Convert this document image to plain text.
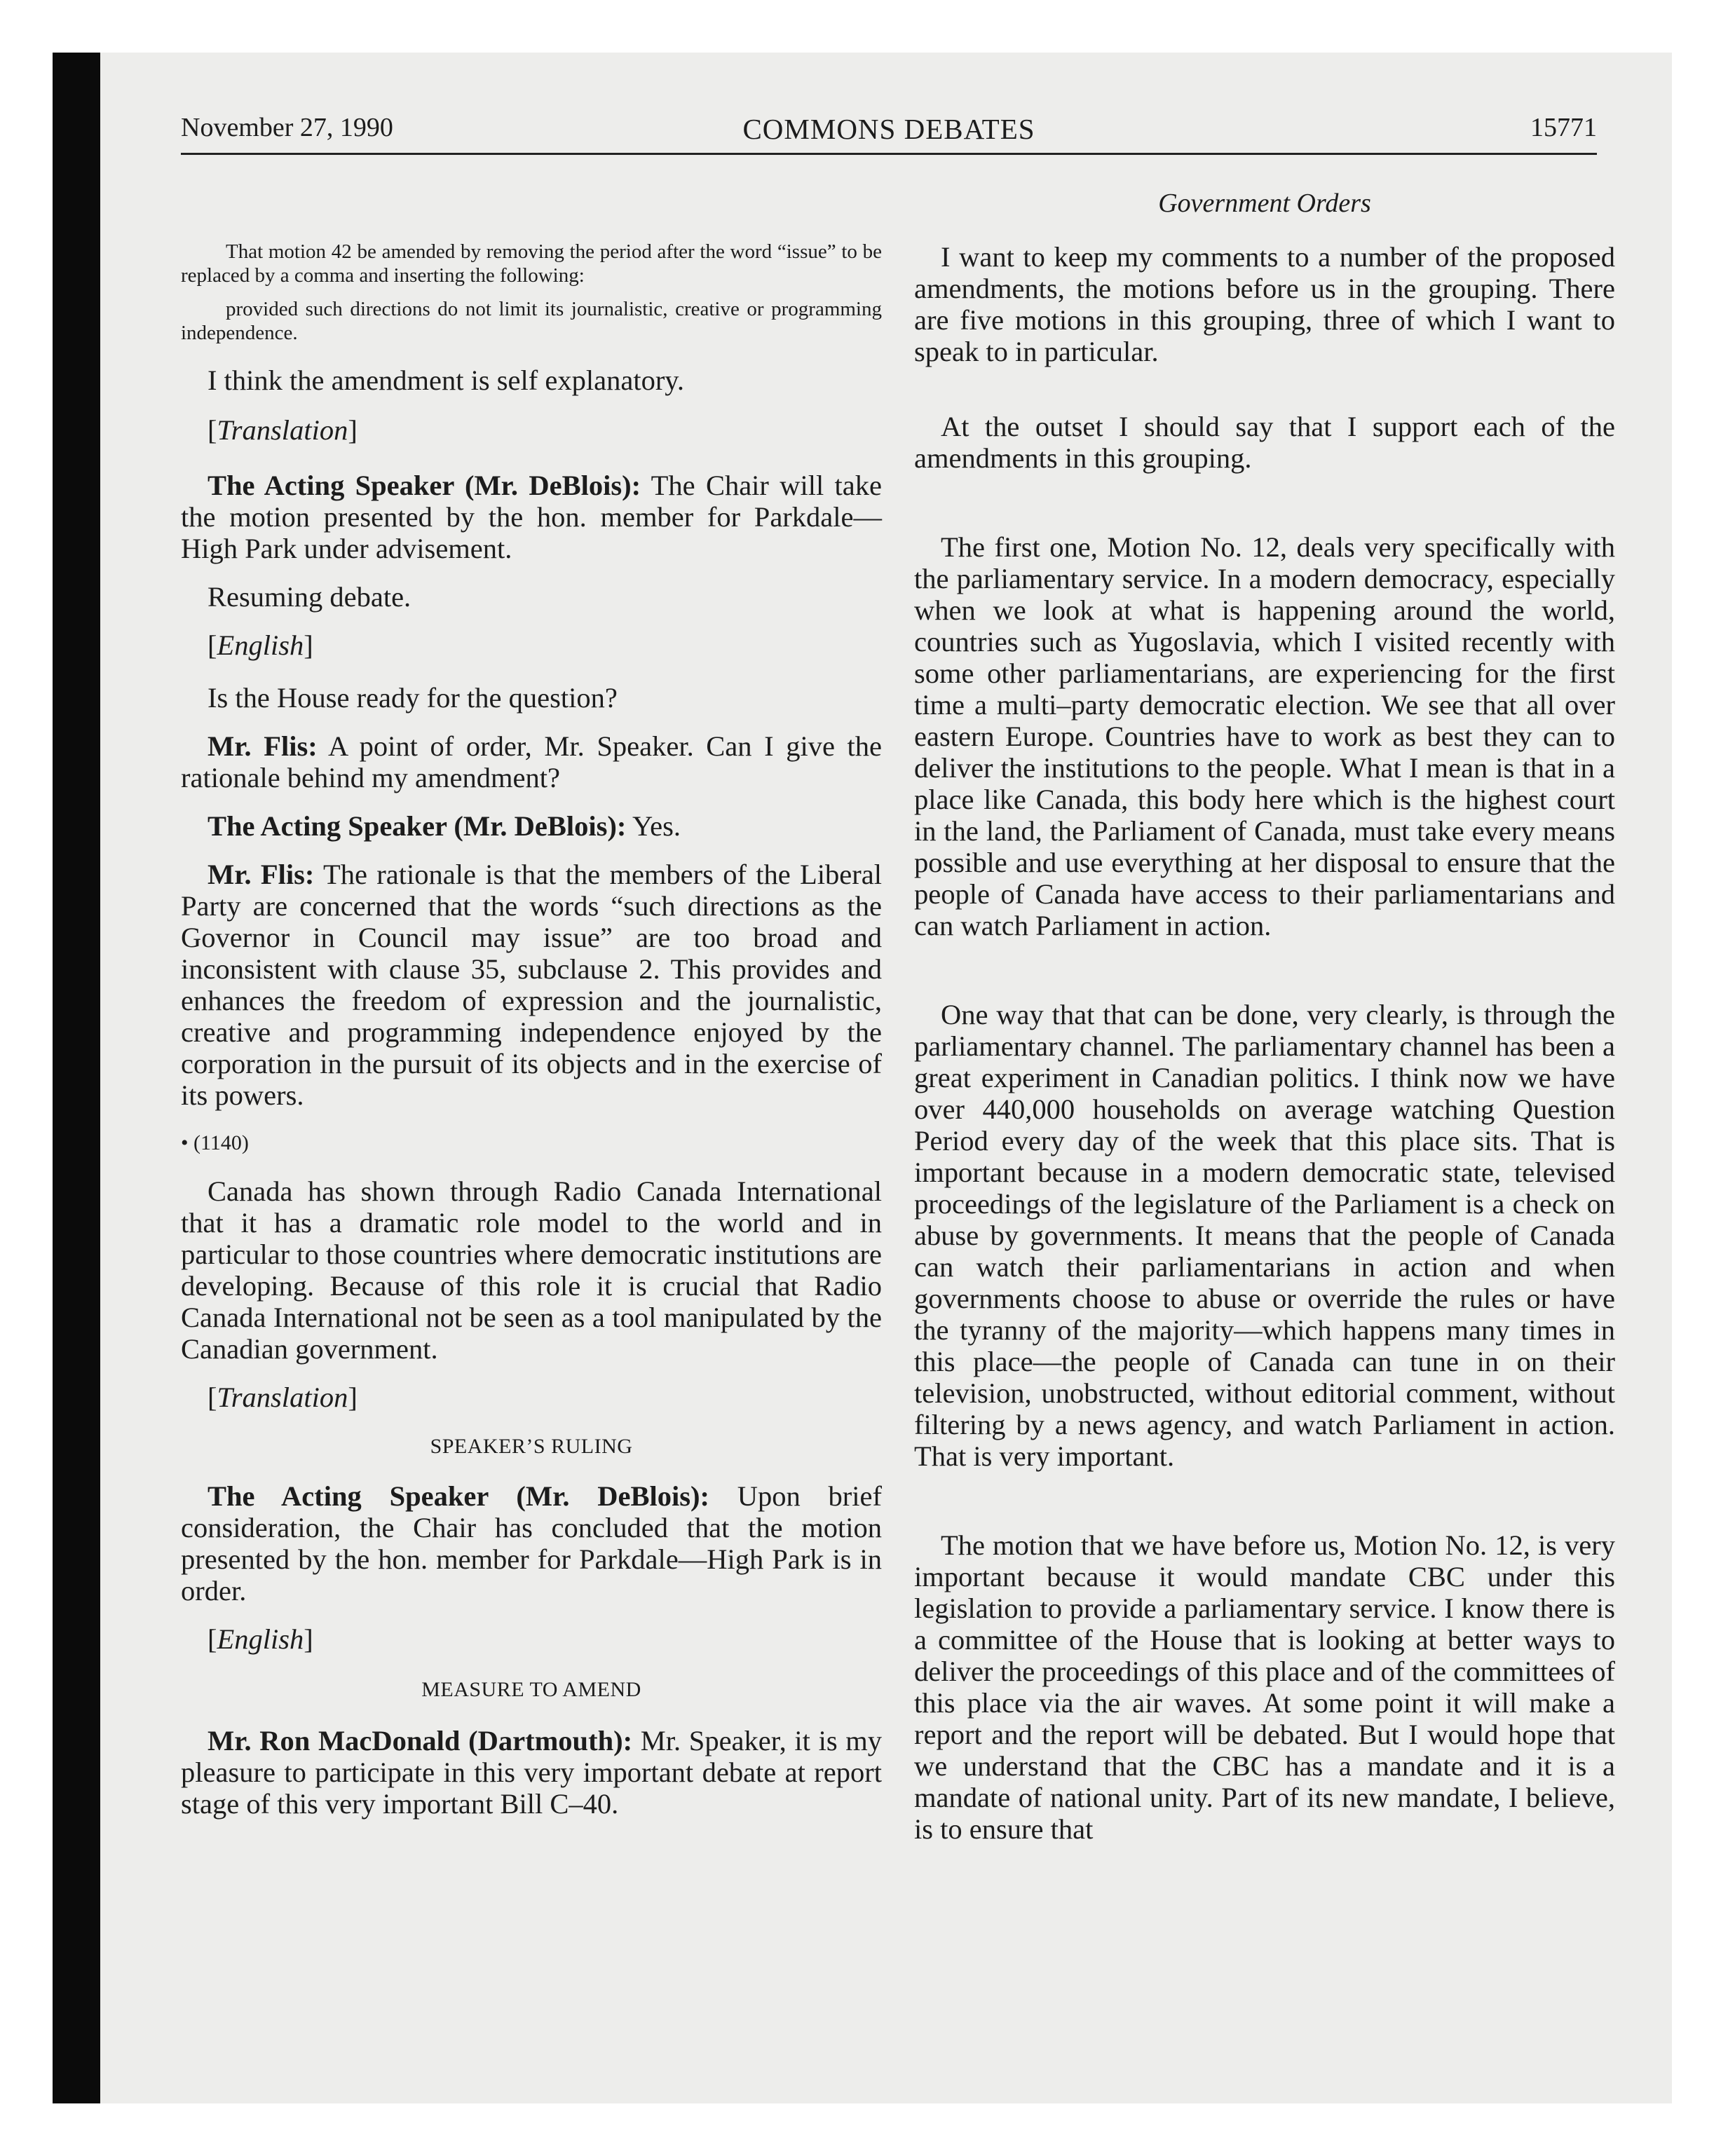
November 27, 1990	COMMONS DEBATES	15771

That motion 42 be amended by removing the period after the word “issue” to be replaced by a comma and inserting the following:

provided such directions do not limit its journalistic, creative or programming independence.

I think the amendment is self explanatory.

[Translation]

The Acting Speaker (Mr. DeBlois): The Chair will take the motion presented by the hon. member for Parkdale—High Park under advisement.

Resuming debate.

[English]

Is the House ready for the question?

Mr. Flis: A point of order, Mr. Speaker. Can I give the rationale behind my amendment?

The Acting Speaker (Mr. DeBlois): Yes.

Mr. Flis: The rationale is that the members of the Liberal Party are concerned that the words “such directions as the Governor in Council may issue” are too broad and inconsistent with clause 35, subclause 2. This provides and enhances the freedom of expression and the journalistic, creative and programming independence enjoyed by the corporation in the pursuit of its objects and in the exercise of its powers.

• (1140)

Canada has shown through Radio Canada International that it has a dramatic role model to the world and in particular to those countries where democratic institutions are developing. Because of this role it is crucial that Radio Canada International not be seen as a tool manipulated by the Canadian government.

[Translation]

SPEAKER’S RULING

The Acting Speaker (Mr. DeBlois): Upon brief consideration, the Chair has concluded that the motion presented by the hon. member for Parkdale—High Park is in order.

[English]

MEASURE TO AMEND

Mr. Ron MacDonald (Dartmouth): Mr. Speaker, it is my pleasure to participate in this very important debate at report stage of this very important Bill C–40.

Government Orders

I want to keep my comments to a number of the proposed amendments, the motions before us in the grouping. There are five motions in this grouping, three of which I want to speak to in particular.

At the outset I should say that I support each of the amendments in this grouping.

The first one, Motion No. 12, deals very specifically with the parliamentary service. In a modern democracy, especially when we look at what is happening around the world, countries such as Yugoslavia, which I visited recently with some other parliamentarians, are experiencing for the first time a multi–party democratic election. We see that all over eastern Europe. Countries have to work as best they can to deliver the institutions to the people. What I mean is that in a place like Canada, this body here which is the highest court in the land, the Parliament of Canada, must take every means possible and use everything at her disposal to ensure that the people of Canada have access to their parliamentarians and can watch Parliament in action.

One way that that can be done, very clearly, is through the parliamentary channel. The parliamentary channel has been a great experiment in Canadian politics. I think now we have over 440,000 households on average watching Question Period every day of the week that this place sits. That is important because in a modern democratic state, televised proceedings of the legislature of the Parliament is a check on abuse by governments. It means that the people of Canada can watch their parliamentarians in action and when governments choose to abuse or override the rules or have the tyranny of the majority—which happens many times in this place—the people of Canada can tune in on their television, unobstructed, without editorial comment, without filtering by a news agency, and watch Parliament in action. That is very important.

The motion that we have before us, Motion No. 12, is very important because it would mandate CBC under this legislation to provide a parliamentary service. I know there is a committee of the House that is looking at better ways to deliver the proceedings of this place and of the committees of this place via the air waves. At some point it will make a report and the report will be debated. But I would hope that we understand that the CBC has a mandate and it is a mandate of national unity. Part of its new mandate, I believe, is to ensure that
